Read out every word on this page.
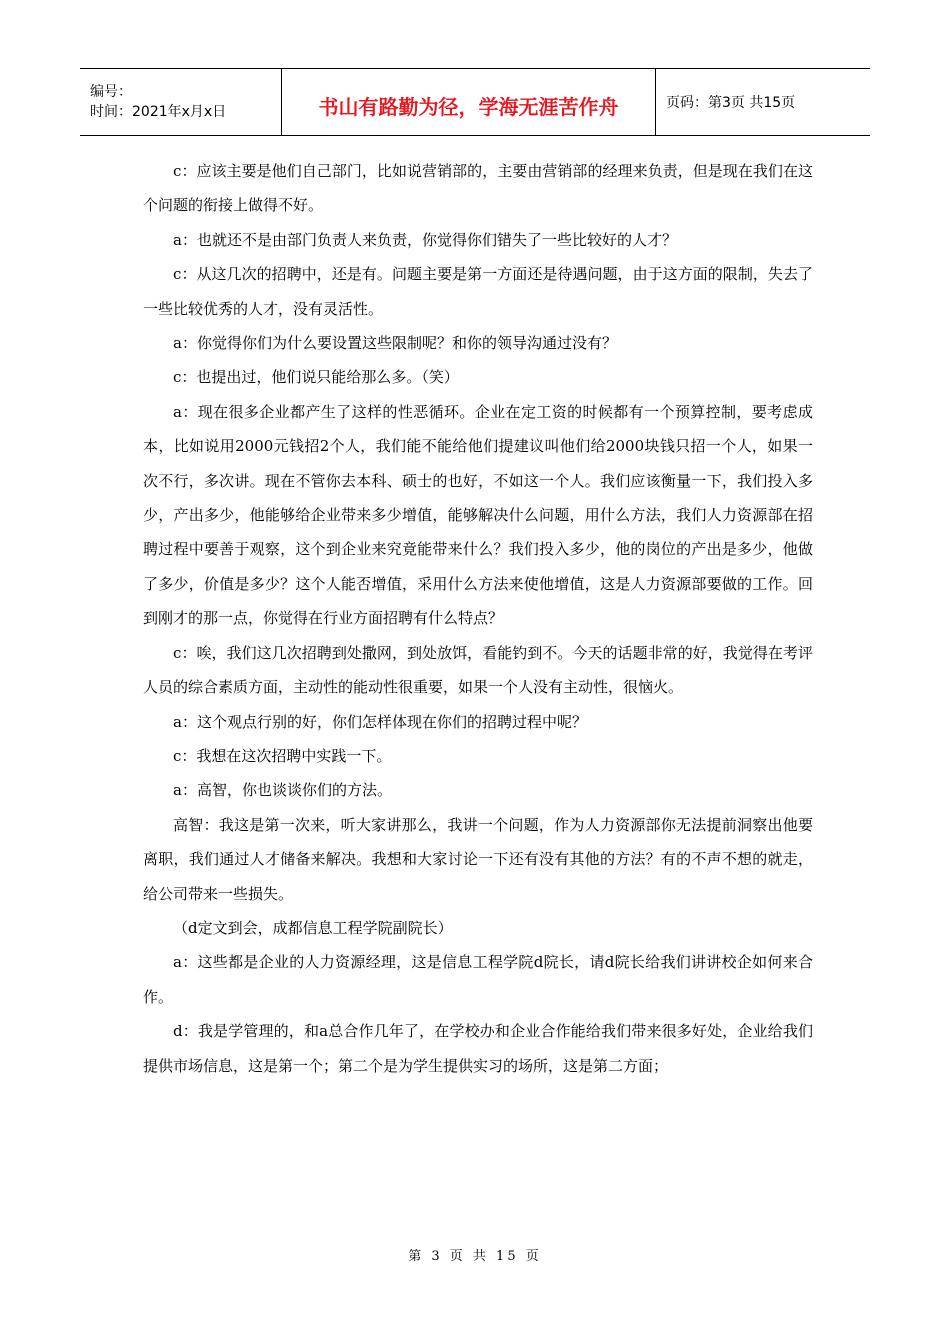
编号：
时间：2021年x月x日	书山有路勤为径，学海无涯苦作舟	页码：第3页 共15页

c：应该主要是他们自己部门，比如说营销部的，主要由营销部的经理来负责，但是现在我们在这个问题的衔接上做得不好。

a：也就还不是由部门负责人来负责，你觉得你们错失了一些比较好的人才？

c：从这几次的招聘中，还是有。问题主要是第一方面还是待遇问题，由于这方面的限制，失去了一些比较优秀的人才，没有灵活性。

a：你觉得你们为什么要设置这些限制呢？和你的领导沟通过没有？

c：也提出过，他们说只能给那么多。（笑）

a：现在很多企业都产生了这样的性恶循环。企业在定工资的时候都有一个预算控制，要考虑成本，比如说用2000元钱招2个人，我们能不能给他们提建议叫他们给2000块钱只招一个人，如果一次不行，多次讲。现在不管你去本科、硕士的也好，不如这一个人。我们应该衡量一下，我们投入多少，产出多少，他能够给企业带来多少增值，能够解决什么问题，用什么方法，我们人力资源部在招聘过程中要善于观察，这个到企业来究竟能带来什么？我们投入多少，他的岗位的产出是多少，他做了多少，价值是多少？这个人能否增值，采用什么方法来使他增值，这是人力资源部要做的工作。回到刚才的那一点，你觉得在行业方面招聘有什么特点？

c：唉，我们这几次招聘到处撒网，到处放饵，看能钓到不。今天的话题非常的好，我觉得在考评人员的综合素质方面，主动性的能动性很重要，如果一个人没有主动性，很恼火。

a：这个观点行别的好，你们怎样体现在你们的招聘过程中呢？

c：我想在这次招聘中实践一下。

a：高智，你也谈谈你们的方法。

高智：我这是第一次来，听大家讲那么，我讲一个问题，作为人力资源部你无法提前洞察出他要离职，我们通过人才储备来解决。我想和大家讨论一下还有没有其他的方法？有的不声不想的就走，给公司带来一些损失。

（d定文到会，成都信息工程学院副院长）

a：这些都是企业的人力资源经理，这是信息工程学院d院长，请d院长给我们讲讲校企如何来合作。

d：我是学管理的，和a总合作几年了，在学校办和企业合作能给我们带来很多好处，企业给我们提供市场信息，这是第一个；第二个是为学生提供实习的场所，这是第二方面；

第 3 页 共 15 页
